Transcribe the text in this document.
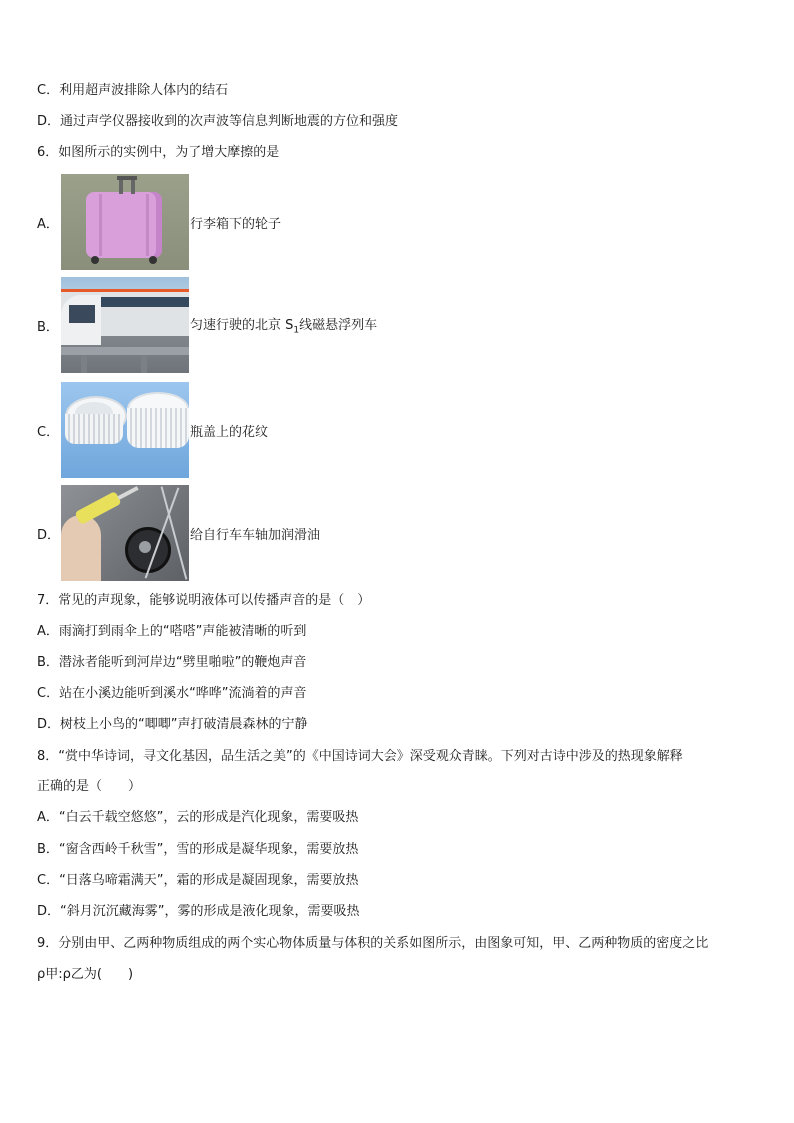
C．利用超声波排除人体内的结石
D．通过声学仪器接收到的次声波等信息判断地震的方位和强度
6．如图所示的实例中，为了增大摩擦的是
A．	行李箱下的轮子
B．	匀速行驶的北京 $S_1$线磁悬浮列车
C．	瓶盖上的花纹
D．	给自行车车轴加润滑油
7．常见的声现象，能够说明液体可以传播声音的是（　）
A．雨滴打到雨伞上的“嗒嗒”声能被清晰的听到
B．潜泳者能听到河岸边“劈里啪啦”的鞭炮声音
C．站在小溪边能听到溪水“哗哗”流淌着的声音
D．树枝上小鸟的“唧唧”声打破清晨森林的宁静
8．“赏中华诗词，寻文化基因，品生活之美”的《中国诗词大会》深受观众青睐。下列对古诗中涉及的热现象解释
正确的是（　　）
A．“白云千载空悠悠”，云的形成是汽化现象，需要吸热
B．“窗含西岭千秋雪”，雪的形成是凝华现象，需要放热
C．“日落乌啼霜满天”，霜的形成是凝固现象，需要放热
D．“斜月沉沉藏海雾”，雾的形成是液化现象，需要吸热
9．分别由甲、乙两种物质组成的两个实心物体质量与体积的关系如图所示，由图象可知，甲、乙两种物质的密度之比
ρ甲:ρ乙为(　　)
